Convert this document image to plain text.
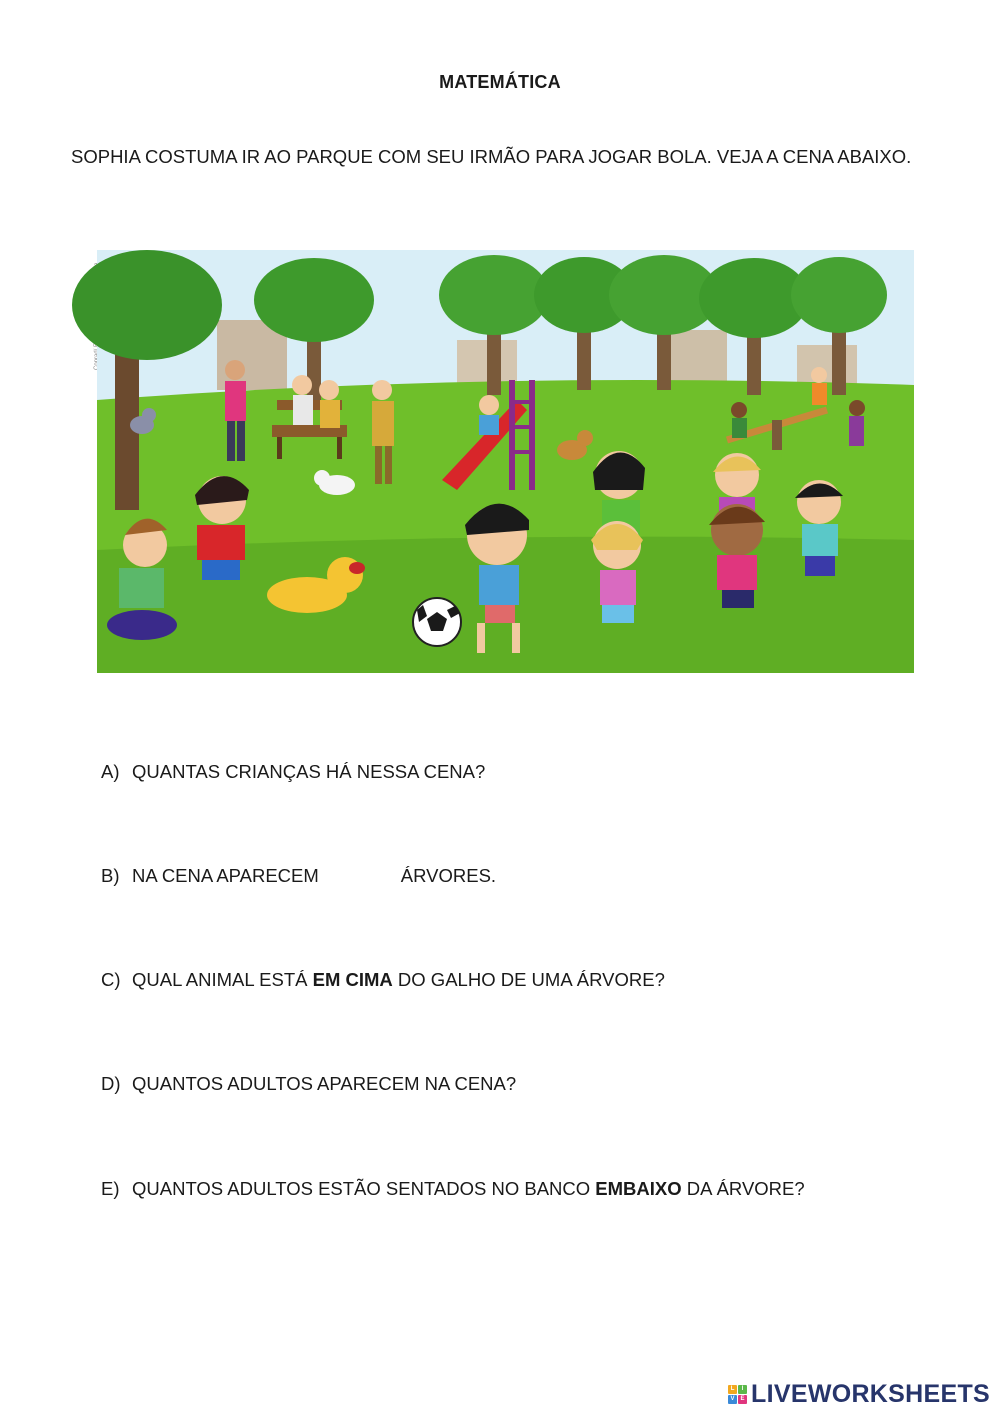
MATEMÁTICA
SOPHIA COSTUMA IR AO PARQUE COM SEU IRMÃO PARA JOGAR BOLA. VEJA A CENA ABAIXO.
A) QUANTAS CRIANÇAS HÁ NESSA CENA?
B) NA CENA APARECEM	ÁRVORES.
C) QUAL ANIMAL ESTÁ EM CIMA DO GALHO DE UMA ÁRVORE?
D) QUANTOS ADULTOS APARECEM NA CENA?
E) QUANTOS ADULTOS ESTÃO SENTADOS NO BANCO EMBAIXO DA ÁRVORE?
L	I
V E LIVEWORKSHEETS
